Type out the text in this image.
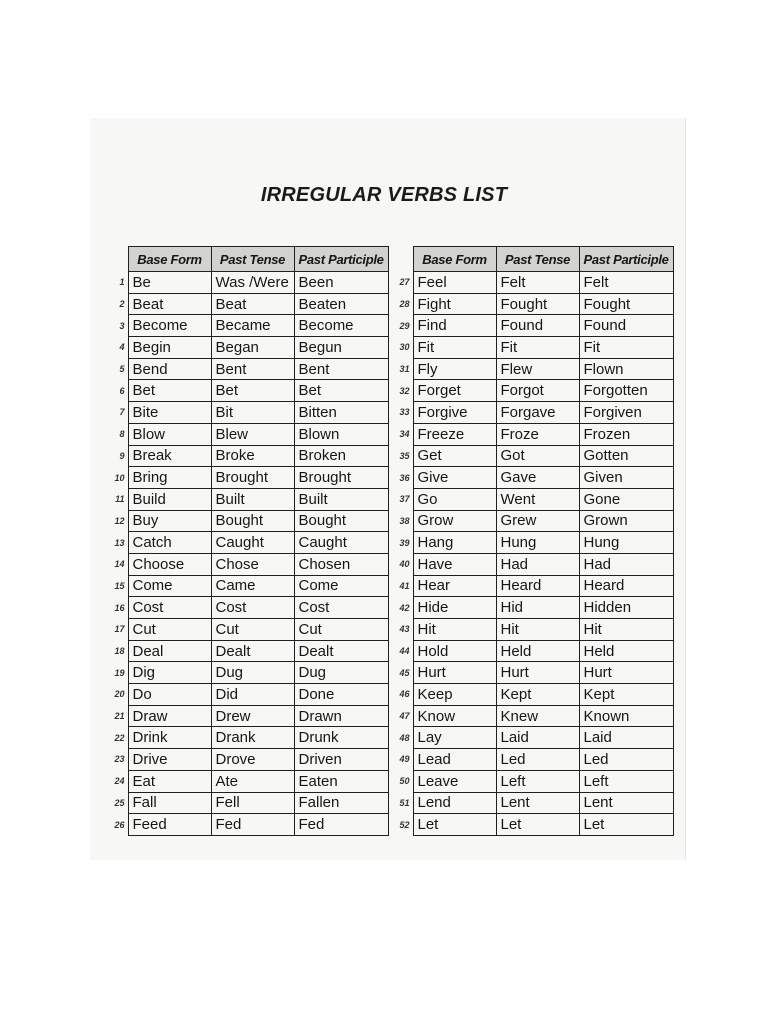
IRREGULAR VERBS LIST
	Base Form	Past Tense	Past Participle
1	Be	Was /Were	Been
2	Beat	Beat	Beaten
3	Become	Became	Become
4	Begin	Began	Begun
5	Bend	Bent	Bent
6	Bet	Bet	Bet
7	Bite	Bit	Bitten
8	Blow	Blew	Blown
9	Break	Broke	Broken
10	Bring	Brought	Brought
11	Build	Built	Built
12	Buy	Bought	Bought
13	Catch	Caught	Caught
14	Choose	Chose	Chosen
15	Come	Came	Come
16	Cost	Cost	Cost
17	Cut	Cut	Cut
18	Deal	Dealt	Dealt
19	Dig	Dug	Dug
20	Do	Did	Done
21	Draw	Drew	Drawn
22	Drink	Drank	Drunk
23	Drive	Drove	Driven
24	Eat	Ate	Eaten
25	Fall	Fell	Fallen
26	Feed	Fed	Fed
	Base Form	Past Tense	Past Participle
27	Feel	Felt	Felt
28	Fight	Fought	Fought
29	Find	Found	Found
30	Fit	Fit	Fit
31	Fly	Flew	Flown
32	Forget	Forgot	Forgotten
33	Forgive	Forgave	Forgiven
34	Freeze	Froze	Frozen
35	Get	Got	Gotten
36	Give	Gave	Given
37	Go	Went	Gone
38	Grow	Grew	Grown
39	Hang	Hung	Hung
40	Have	Had	Had
41	Hear	Heard	Heard
42	Hide	Hid	Hidden
43	Hit	Hit	Hit
44	Hold	Held	Held
45	Hurt	Hurt	Hurt
46	Keep	Kept	Kept
47	Know	Knew	Known
48	Lay	Laid	Laid
49	Lead	Led	Led
50	Leave	Left	Left
51	Lend	Lent	Lent
52	Let	Let	Let
